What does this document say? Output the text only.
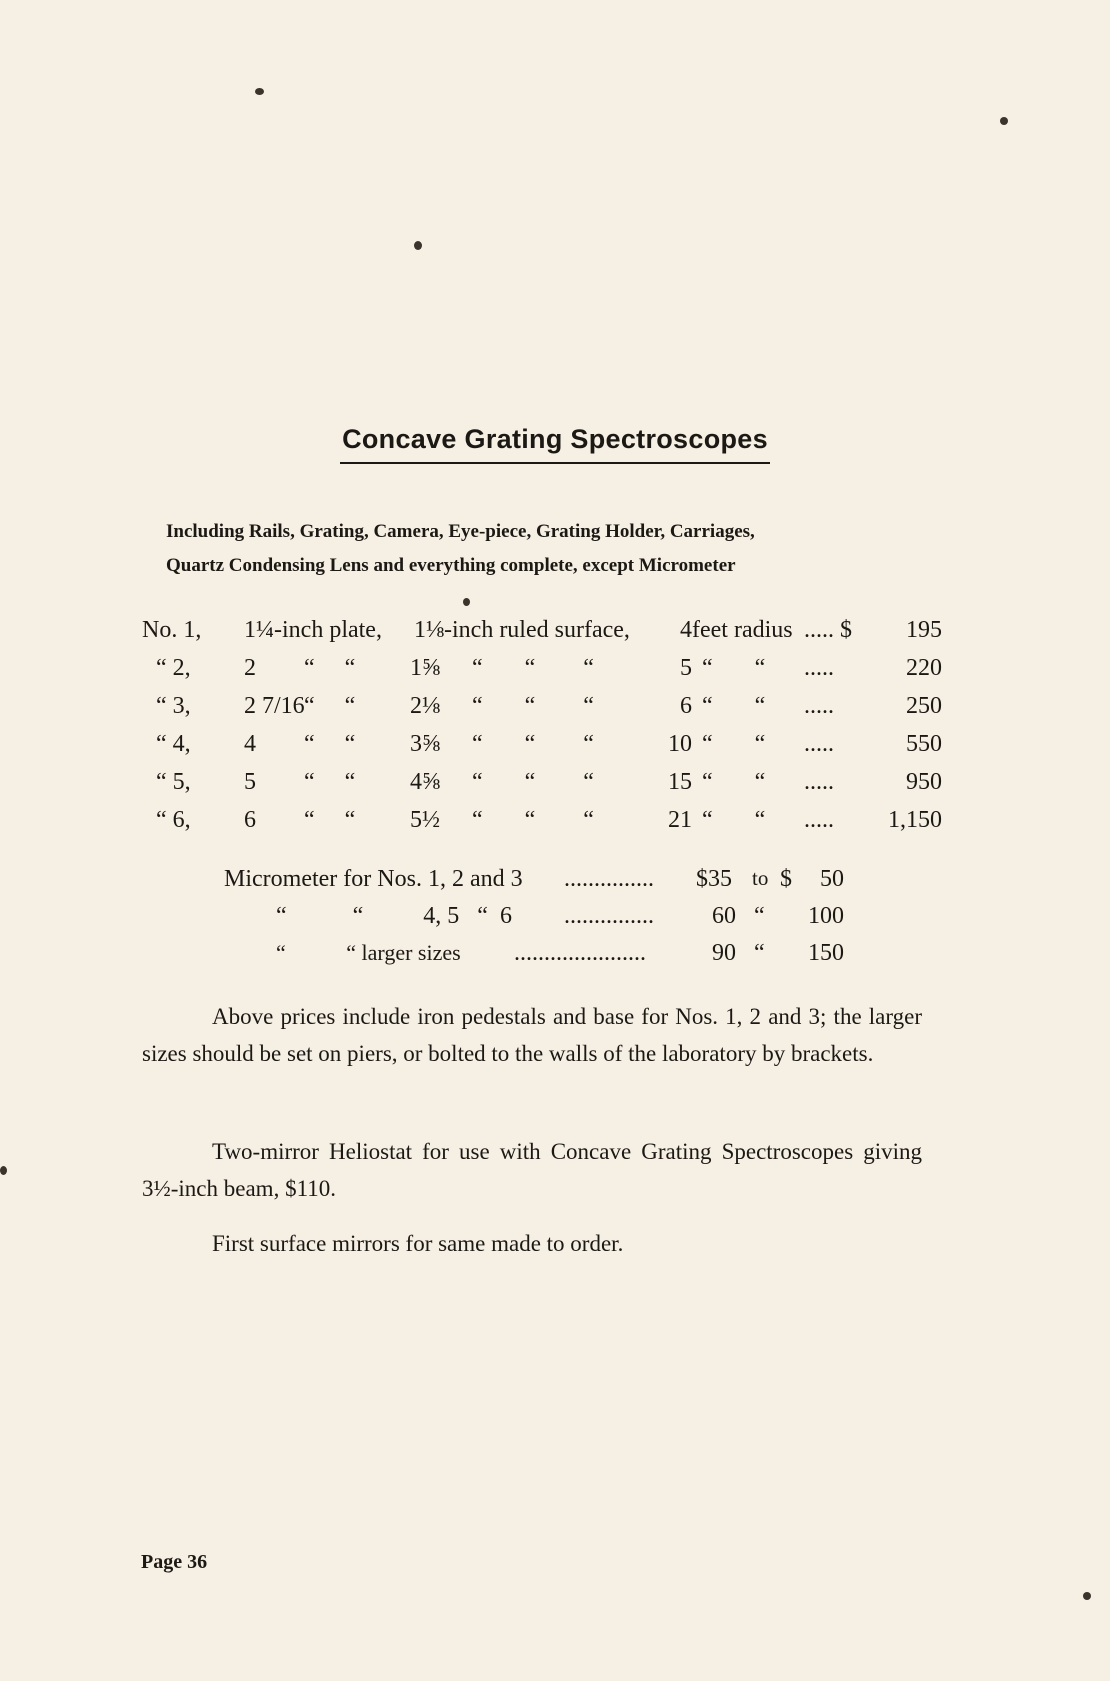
Concave Grating Spectroscopes
Including Rails, Grating, Camera, Eye-piece, Grating Holder, Carriages,
Quartz Condensing Lens and everything complete, except Micrometer
No. 1, 1¼ -inch plate, 1⅛ -inch ruled surface,	4 feet radius ..... $	195
“ 2, 2 “     “ 1⅝ “       “        “	5 “       “ .....	220
“ 3, 2 7/16 “     “ 2⅛ “       “        “	6 “       “ .....	250
“ 4, 4 “     “ 3⅝ “       “        “	10 “       “ .....	550
“ 5, 5 “     “ 4⅝ “       “        “	15 “       “ .....	950
“ 6, 6 “     “ 5½ “       “        “	21 “       “ .....	1,150
Micrometer for Nos. 1, 2 and 3 ............... $35 to $	50
“           “          4, 5   “  6 ............... 60 “	100
“           “ larger sizes ......................	90 “	150

Above prices include iron pedestals and base for Nos. 1, 2 and 3; the larger sizes should be set on piers, or bolted to the walls of the laboratory by brackets.

Two-mirror Heliostat for use with Concave Grating Spectroscopes giving 3½-inch beam, $110.

First surface mirrors for same made to order.

Page 36
